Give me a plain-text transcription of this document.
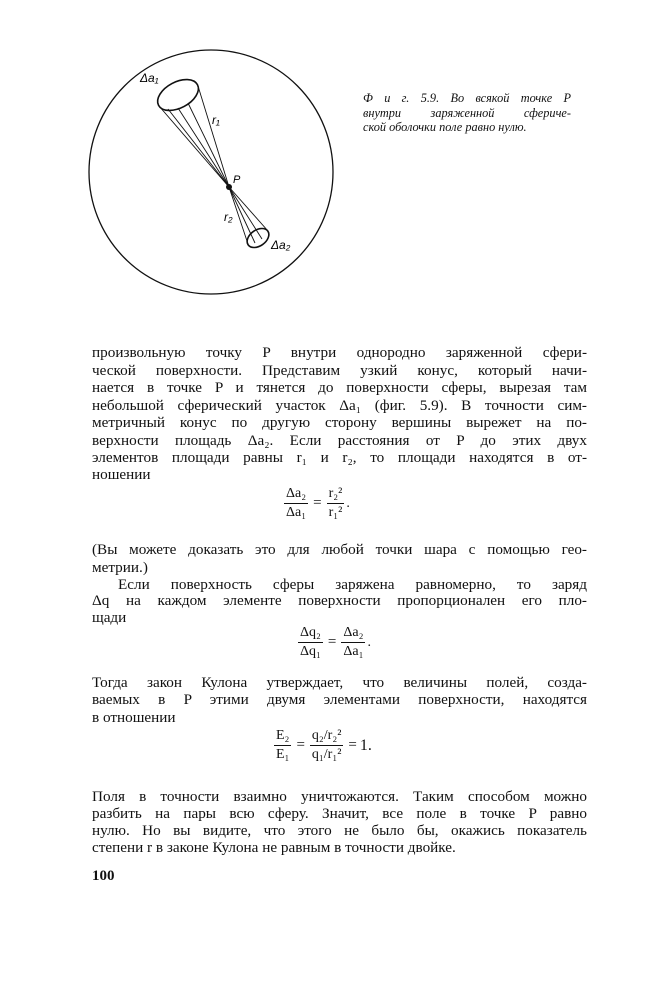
Δa₁
r₁
P
r₂
Δa₂
Ф и г. 5.9. Во всякой точке P
внутри заряженной сфериче-
ской оболочки поле равно нулю.
произвольную точку P внутри однородно заряженной сфери-
ческой поверхности. Представим узкий конус, который начи-
нается в точке P и тянется до поверхности сферы, вырезая там
небольшой сферический участок Δa₁ (фиг. 5.9). В точности сим-
метричный конус по другую сторону вершины вырежет на по-
верхности площадь Δa₂. Если расстояния от P до этих двух
элементов площади равны r₁ и r₂, то площади находятся в от-
ношении
$\frac{\text{Δa₂}}{\text{Δa₁}} = \frac{\text{r₂²}}{\text{r₁²}}$ .
(Вы можете доказать это для любой точки шара с помощью гео-
метрии.)
Если поверхность сферы заряжена равномерно, то заряд
Δq на каждом элементе поверхности пропорционален его пло-
щади
$\frac{\text{Δq₂}}{\text{Δq₁}} = \frac{\text{Δa₂}}{\text{Δa₁}}$ .
Тогда закон Кулона утверждает, что величины полей, созда-
ваемых в P этими двумя элементами поверхности, находятся
в отношении
$\frac{\text{E₂}}{\text{E₁}} = \frac{\text{q₂/r₂²}}{\text{q₁/r₁²}} = 1$.
Поля в точности взаимно уничтожаются. Таким способом можно
разбить на пары всю сферу. Значит, все поле в точке P равно
нулю. Но вы видите, что этого не было бы, окажись показатель
степени r в законе Кулона не равным в точности двойке.
100
